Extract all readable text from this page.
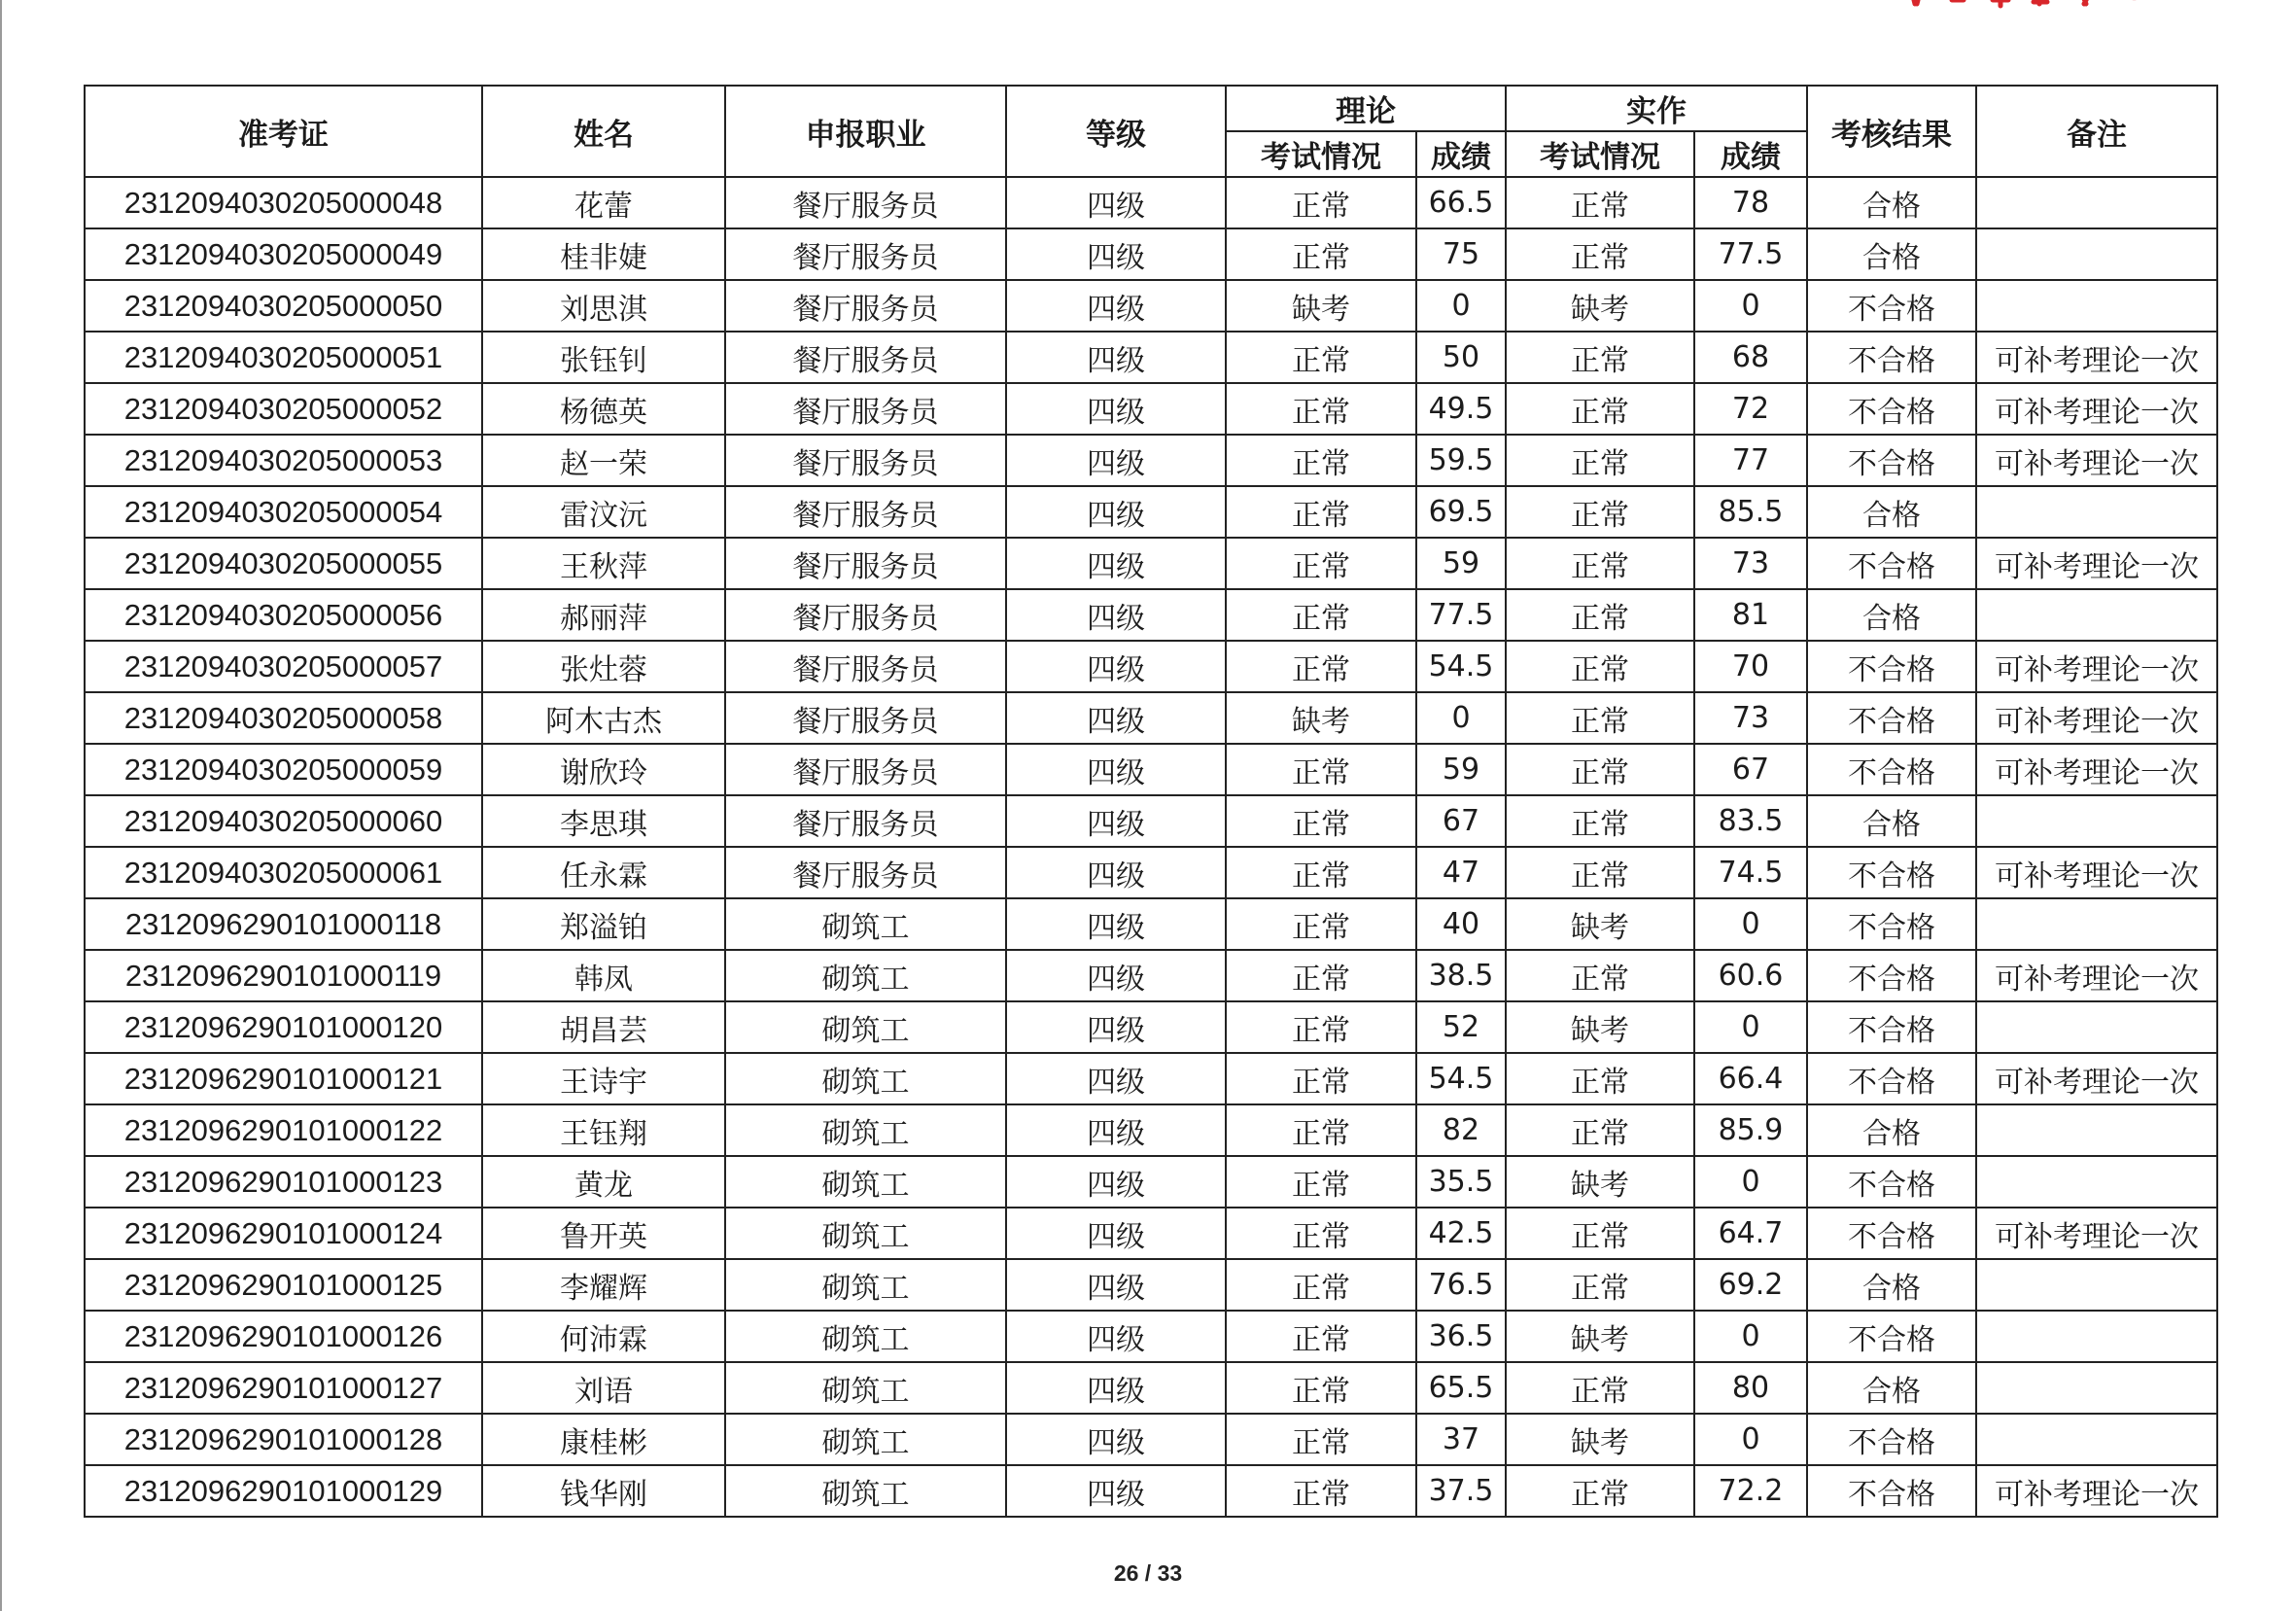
准考证	姓名	申报职业	等级	理论		实作		考核结果	备注
				考试情况	成绩	考试情况	成绩		
2312094030205000048	花蕾	餐厅服务员	四级	正常	66.5	正常	78	合格	
2312094030205000049	桂非婕	餐厅服务员	四级	正常	75	正常	77.5	合格	
2312094030205000050	刘思淇	餐厅服务员	四级	缺考	0	缺考	0	不合格	
2312094030205000051	张钰钊	餐厅服务员	四级	正常	50	正常	68	不合格	可补考理论一次
2312094030205000052	杨德英	餐厅服务员	四级	正常	49.5	正常	72	不合格	可补考理论一次
2312094030205000053	赵一荣	餐厅服务员	四级	正常	59.5	正常	77	不合格	可补考理论一次
2312094030205000054	雷汶沅	餐厅服务员	四级	正常	69.5	正常	85.5	合格	
2312094030205000055	王秋萍	餐厅服务员	四级	正常	59	正常	73	不合格	可补考理论一次
2312094030205000056	郝丽萍	餐厅服务员	四级	正常	77.5	正常	81	合格	
2312094030205000057	张灶蓉	餐厅服务员	四级	正常	54.5	正常	70	不合格	可补考理论一次
2312094030205000058	阿木古杰	餐厅服务员	四级	缺考	0	正常	73	不合格	可补考理论一次
2312094030205000059	谢欣玲	餐厅服务员	四级	正常	59	正常	67	不合格	可补考理论一次
2312094030205000060	李思琪	餐厅服务员	四级	正常	67	正常	83.5	合格	
2312094030205000061	任永霖	餐厅服务员	四级	正常	47	正常	74.5	不合格	可补考理论一次
2312096290101000118	郑溢铂	砌筑工	四级	正常	40	缺考	0	不合格	
2312096290101000119	韩凤	砌筑工	四级	正常	38.5	正常	60.6	不合格	可补考理论一次
2312096290101000120	胡昌芸	砌筑工	四级	正常	52	缺考	0	不合格	
2312096290101000121	王诗宇	砌筑工	四级	正常	54.5	正常	66.4	不合格	可补考理论一次
2312096290101000122	王钰翔	砌筑工	四级	正常	82	正常	85.9	合格	
2312096290101000123	黄龙	砌筑工	四级	正常	35.5	缺考	0	不合格	
2312096290101000124	鲁开英	砌筑工	四级	正常	42.5	正常	64.7	不合格	可补考理论一次
2312096290101000125	李耀辉	砌筑工	四级	正常	76.5	正常	69.2	合格	
2312096290101000126	何沛霖	砌筑工	四级	正常	36.5	缺考	0	不合格	
2312096290101000127	刘语	砌筑工	四级	正常	65.5	正常	80	合格	
2312096290101000128	康桂彬	砌筑工	四级	正常	37	缺考	0	不合格	
2312096290101000129	钱华刚	砌筑工	四级	正常	37.5	正常	72.2	不合格	可补考理论一次
26 / 33
